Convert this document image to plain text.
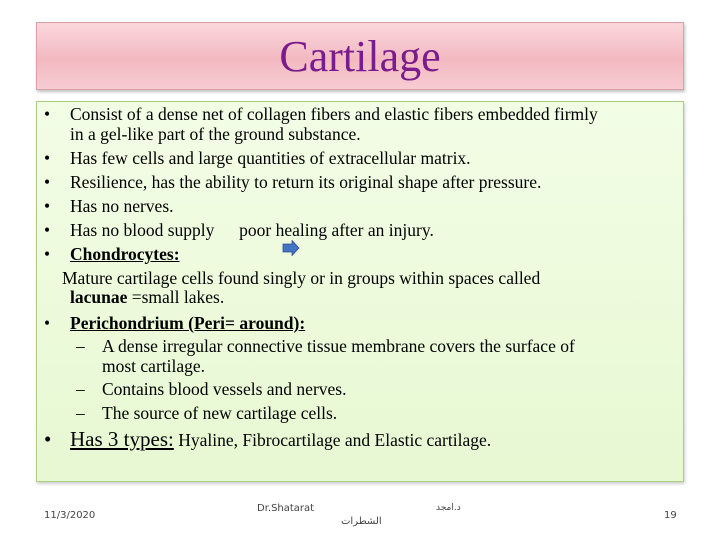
Cartilage
• Consist of a dense net of collagen fibers and elastic fibers embedded firmly
in a gel-like part of the ground substance.
• Has few cells and large quantities of extracellular matrix.
• Resilience, has the ability to return its original shape after pressure.
• Has no nerves.
• Has no blood supply poor healing after an injury.
• Chondrocytes:
Mature cartilage cells found singly or in groups within spaces called
lacunae =small lakes.
• Perichondrium (Peri= around):
– A dense irregular connective tissue membrane covers the surface of
most cartilage.
– Contains blood vessels and nerves.
– The source of new cartilage cells.
• Has 3 types: Hyaline, Fibrocartilage and Elastic cartilage.
11/3/2020
Dr.Shatarat	د.امجد
الشطرات
19
